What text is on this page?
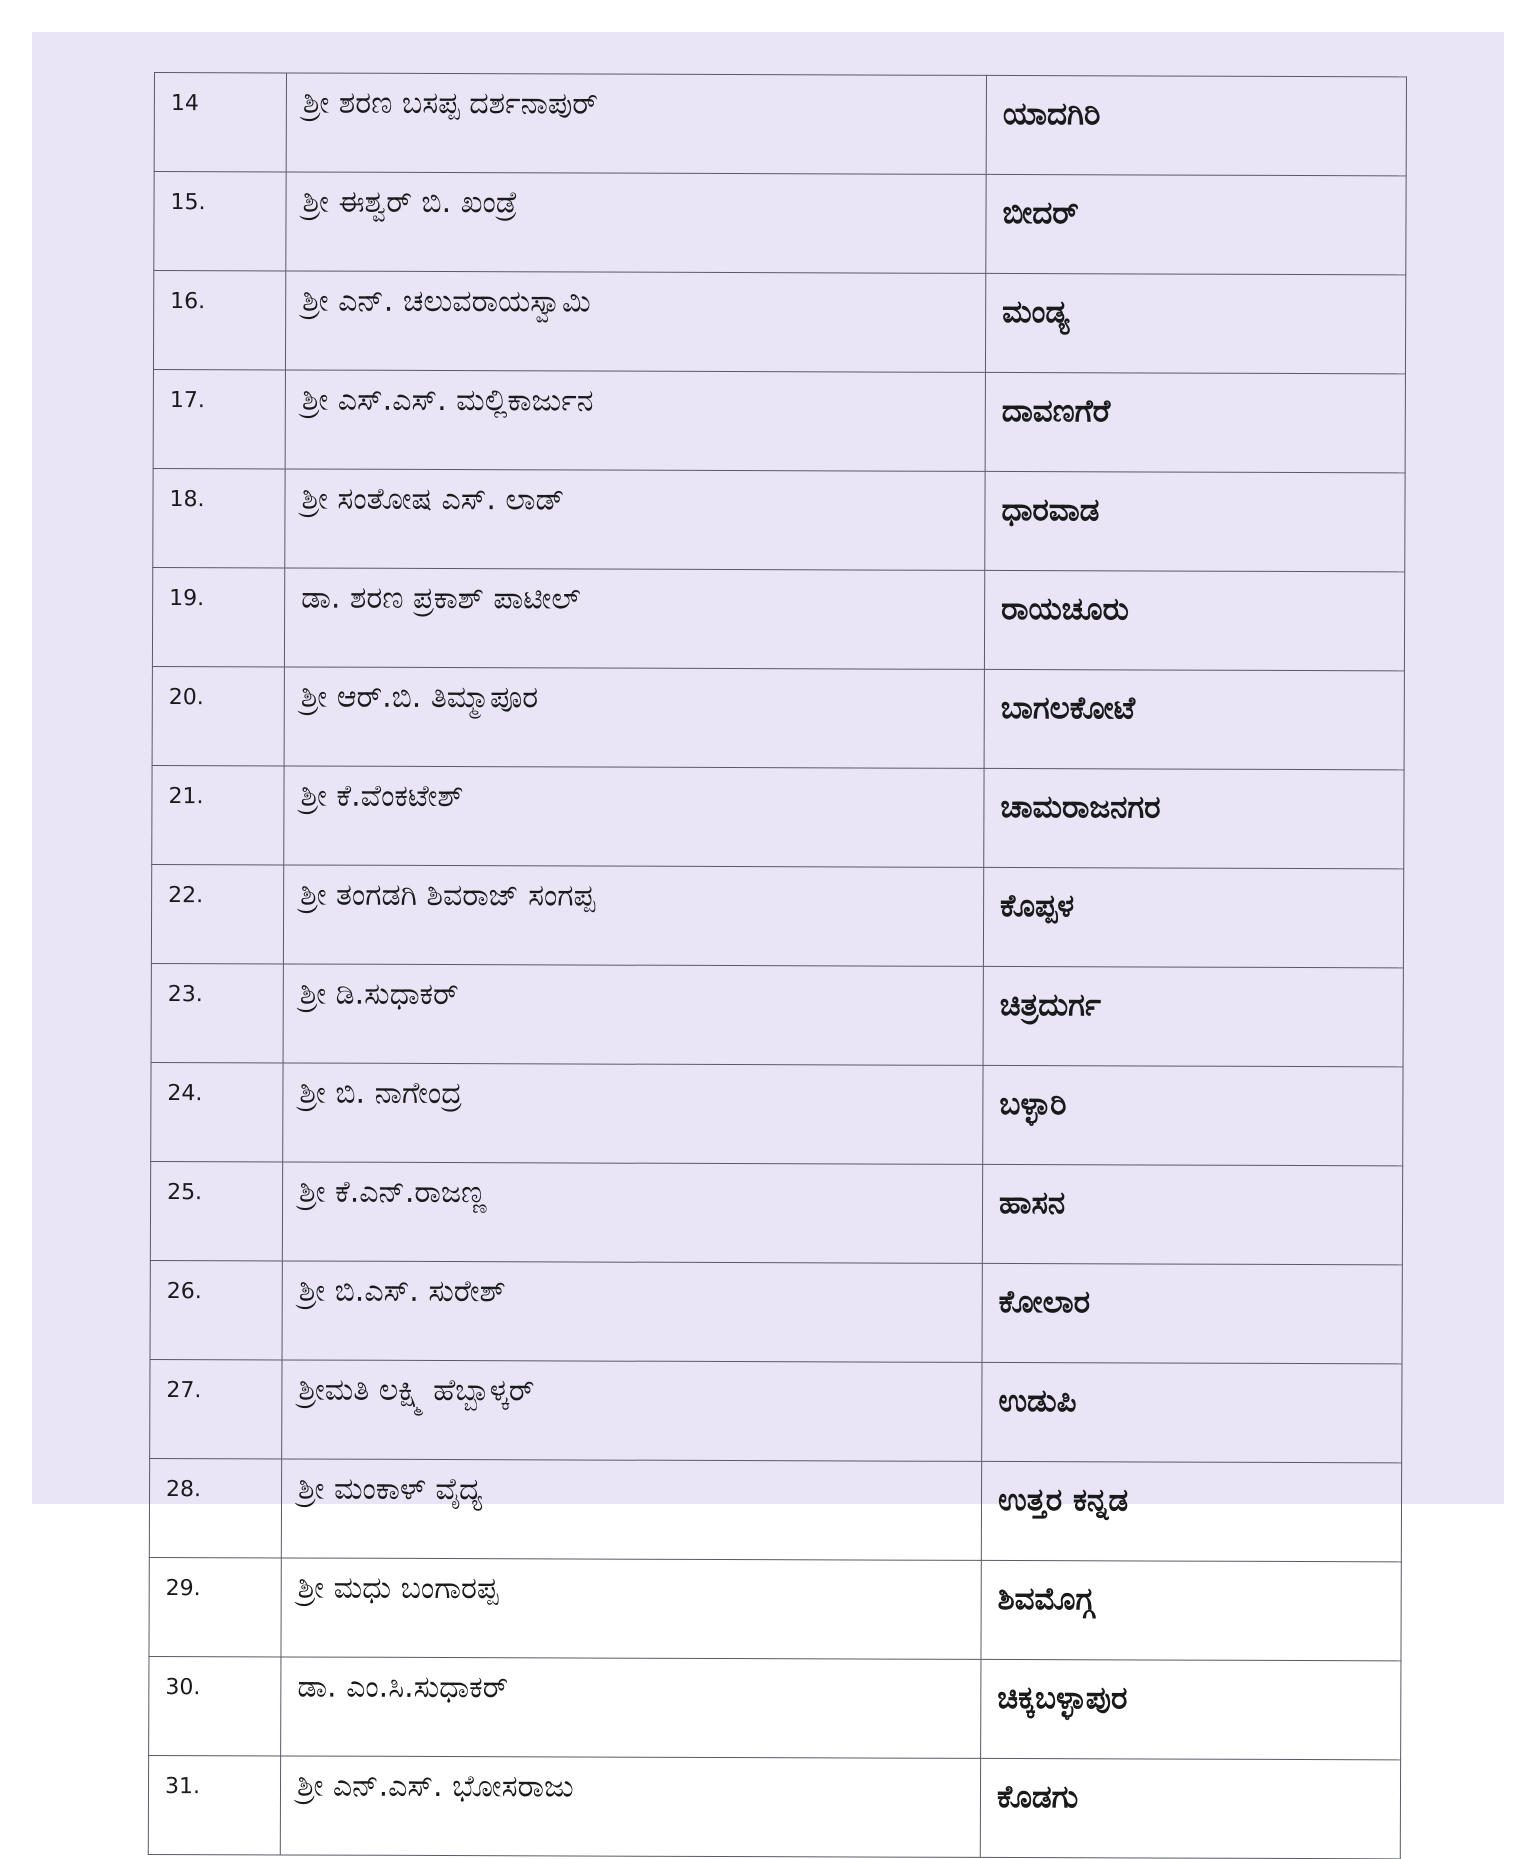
14	ಶ್ರೀ ಶರಣ ಬಸಪ್ಪ ದರ್ಶನಾಪುರ್	ಯಾದಗಿರಿ
15.	ಶ್ರೀ ಈಶ್ವರ್ ಬಿ. ಖಂಡ್ರೆ	ಬೀದರ್
16.	ಶ್ರೀ ಎನ್. ಚಲುವರಾಯಸ್ವಾಮಿ	ಮಂಡ್ಯ
17.	ಶ್ರೀ ಎಸ್.ಎಸ್. ಮಲ್ಲಿಕಾರ್ಜುನ	ದಾವಣಗೆರೆ
18.	ಶ್ರೀ ಸಂತೋಷ ಎಸ್. ಲಾಡ್	ಧಾರವಾಡ
19.	ಡಾ. ಶರಣ ಪ್ರಕಾಶ್ ಪಾಟೀಲ್	ರಾಯಚೂರು
20.	ಶ್ರೀ ಆರ್.ಬಿ. ತಿಮ್ಮಾಪೂರ	ಬಾಗಲಕೋಟೆ
21.	ಶ್ರೀ ಕೆ.ವೆಂಕಟೇಶ್	ಚಾಮರಾಜನಗರ
22.	ಶ್ರೀ ತಂಗಡಗಿ ಶಿವರಾಜ್ ಸಂಗಪ್ಪ	ಕೊಪ್ಪಳ
23.	ಶ್ರೀ ಡಿ.ಸುಧಾಕರ್	ಚಿತ್ರದುರ್ಗ
24.	ಶ್ರೀ ಬಿ. ನಾಗೇಂದ್ರ	ಬಳ್ಳಾರಿ
25.	ಶ್ರೀ ಕೆ.ಎನ್.ರಾಜಣ್ಣ	ಹಾಸನ
26.	ಶ್ರೀ ಬಿ.ಎಸ್. ಸುರೇಶ್	ಕೋಲಾರ
27.	ಶ್ರೀಮತಿ ಲಕ್ಷ್ಮಿ ಹೆಬ್ಬಾಳ್ಕರ್	ಉಡುಪಿ
28.	ಶ್ರೀ ಮಂಕಾಳ್ ವೈದ್ಯ	ಉತ್ತರ ಕನ್ನಡ
29.	ಶ್ರೀ ಮಧು ಬಂಗಾರಪ್ಪ	ಶಿವಮೊಗ್ಗ
30.	ಡಾ. ಎಂ.ಸಿ.ಸುಧಾಕರ್	ಚಿಕ್ಕಬಳ್ಳಾಪುರ
31.	ಶ್ರೀ ಎನ್.ಎಸ್. ಭೋಸರಾಜು	ಕೊಡಗು
